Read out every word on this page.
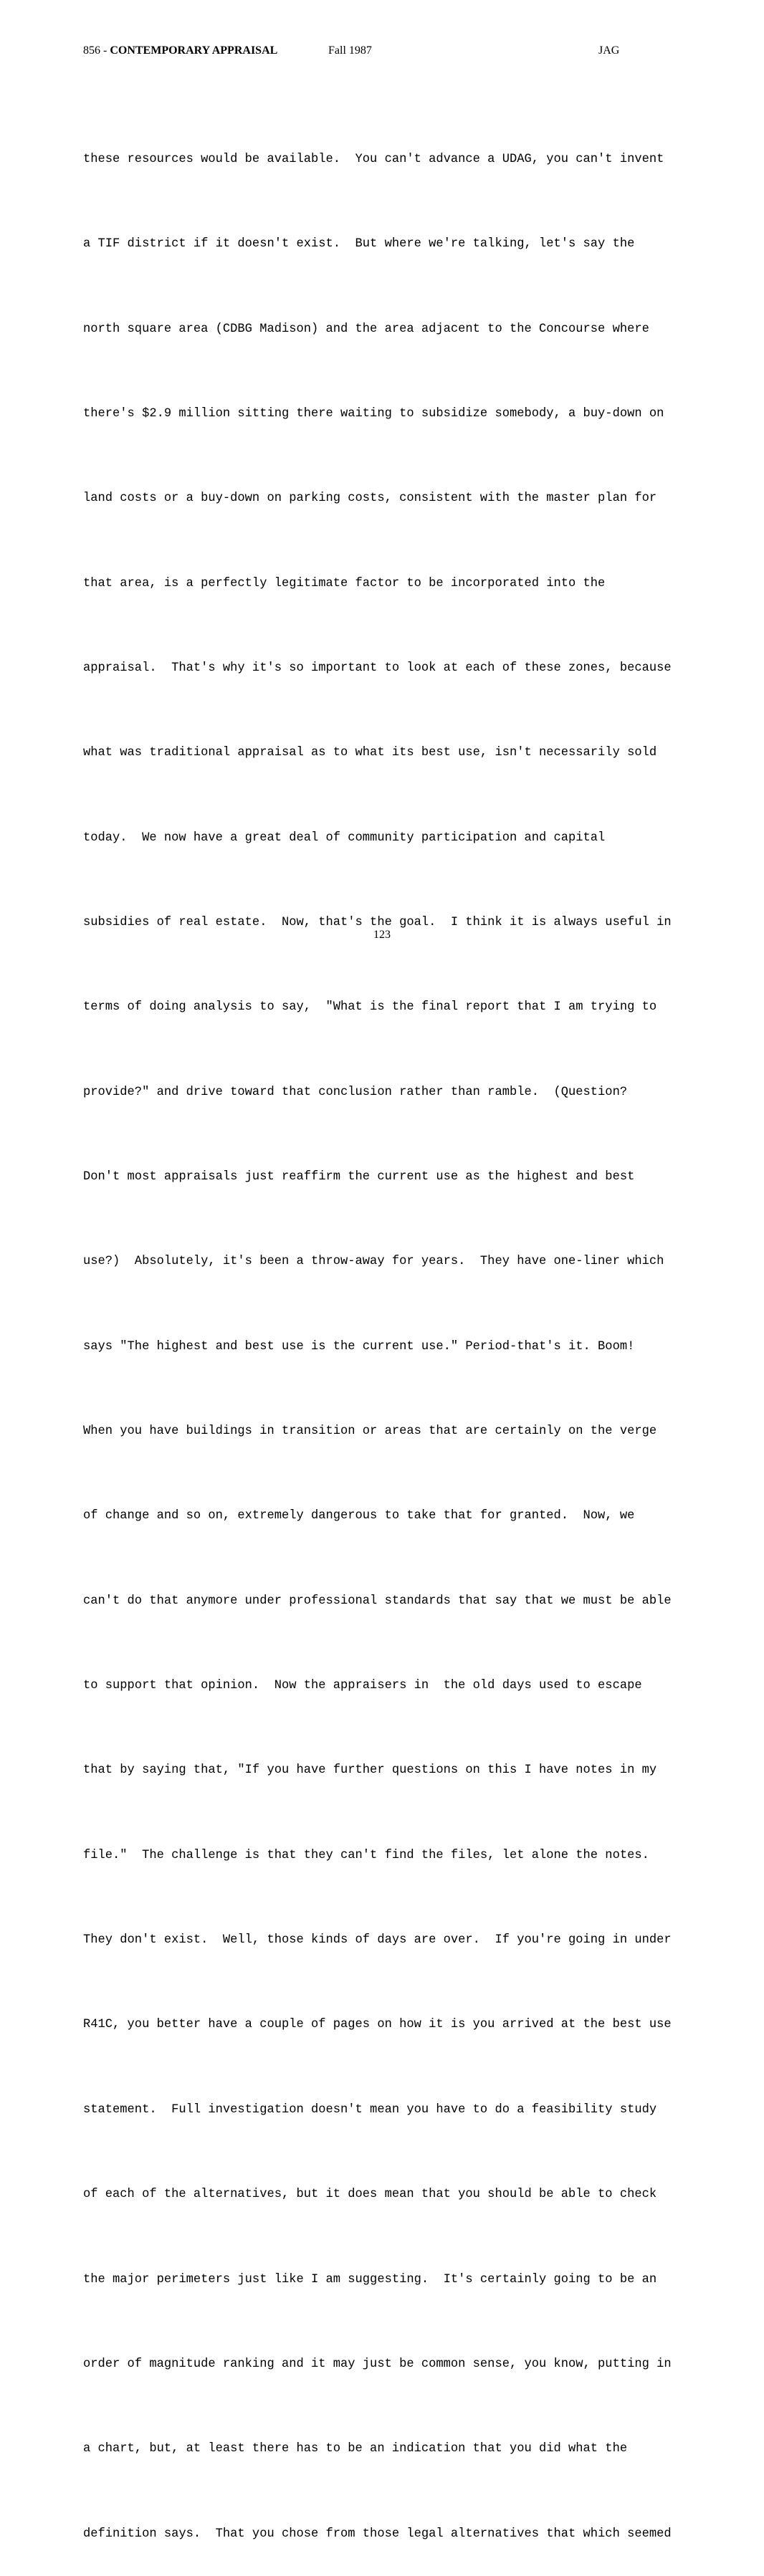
856 - CONTEMPORARY APPRAISAL	Fall 1987	JAG

these resources would be available.  You can't advance a UDAG, you can't invent

a TIF district if it doesn't exist.  But where we're talking, let's say the

north square area (CDBG Madison) and the area adjacent to the Concourse where

there's $2.9 million sitting there waiting to subsidize somebody, a buy-down on

land costs or a buy-down on parking costs, consistent with the master plan for

that area, is a perfectly legitimate factor to be incorporated into the

appraisal.  That's why it's so important to look at each of these zones, because

what was traditional appraisal as to what its best use, isn't necessarily sold

today.  We now have a great deal of community participation and capital

subsidies of real estate.  Now, that's the goal.  I think it is always useful in

terms of doing analysis to say,  "What is the final report that I am trying to

provide?" and drive toward that conclusion rather than ramble.  (Question?

Don't most appraisals just reaffirm the current use as the highest and best

use?)  Absolutely, it's been a throw-away for years.  They have one-liner which

says "The highest and best use is the current use." Period-that's it. Boom!

When you have buildings in transition or areas that are certainly on the verge

of change and so on, extremely dangerous to take that for granted.  Now, we

can't do that anymore under professional standards that say that we must be able

to support that opinion.  Now the appraisers in  the old days used to escape

that by saying that, "If you have further questions on this I have notes in my

file."  The challenge is that they can't find the files, let alone the notes.

They don't exist.  Well, those kinds of days are over.  If you're going in under

R41C, you better have a couple of pages on how it is you arrived at the best use

statement.  Full investigation doesn't mean you have to do a feasibility study

of each of the alternatives, but it does mean that you should be able to check

the major perimeters just like I am suggesting.  It's certainly going to be an

order of magnitude ranking and it may just be common sense, you know, putting in

a chart, but, at least there has to be an indication that you did what the

definition says.  That you chose from those legal alternatives that which seemed

123
